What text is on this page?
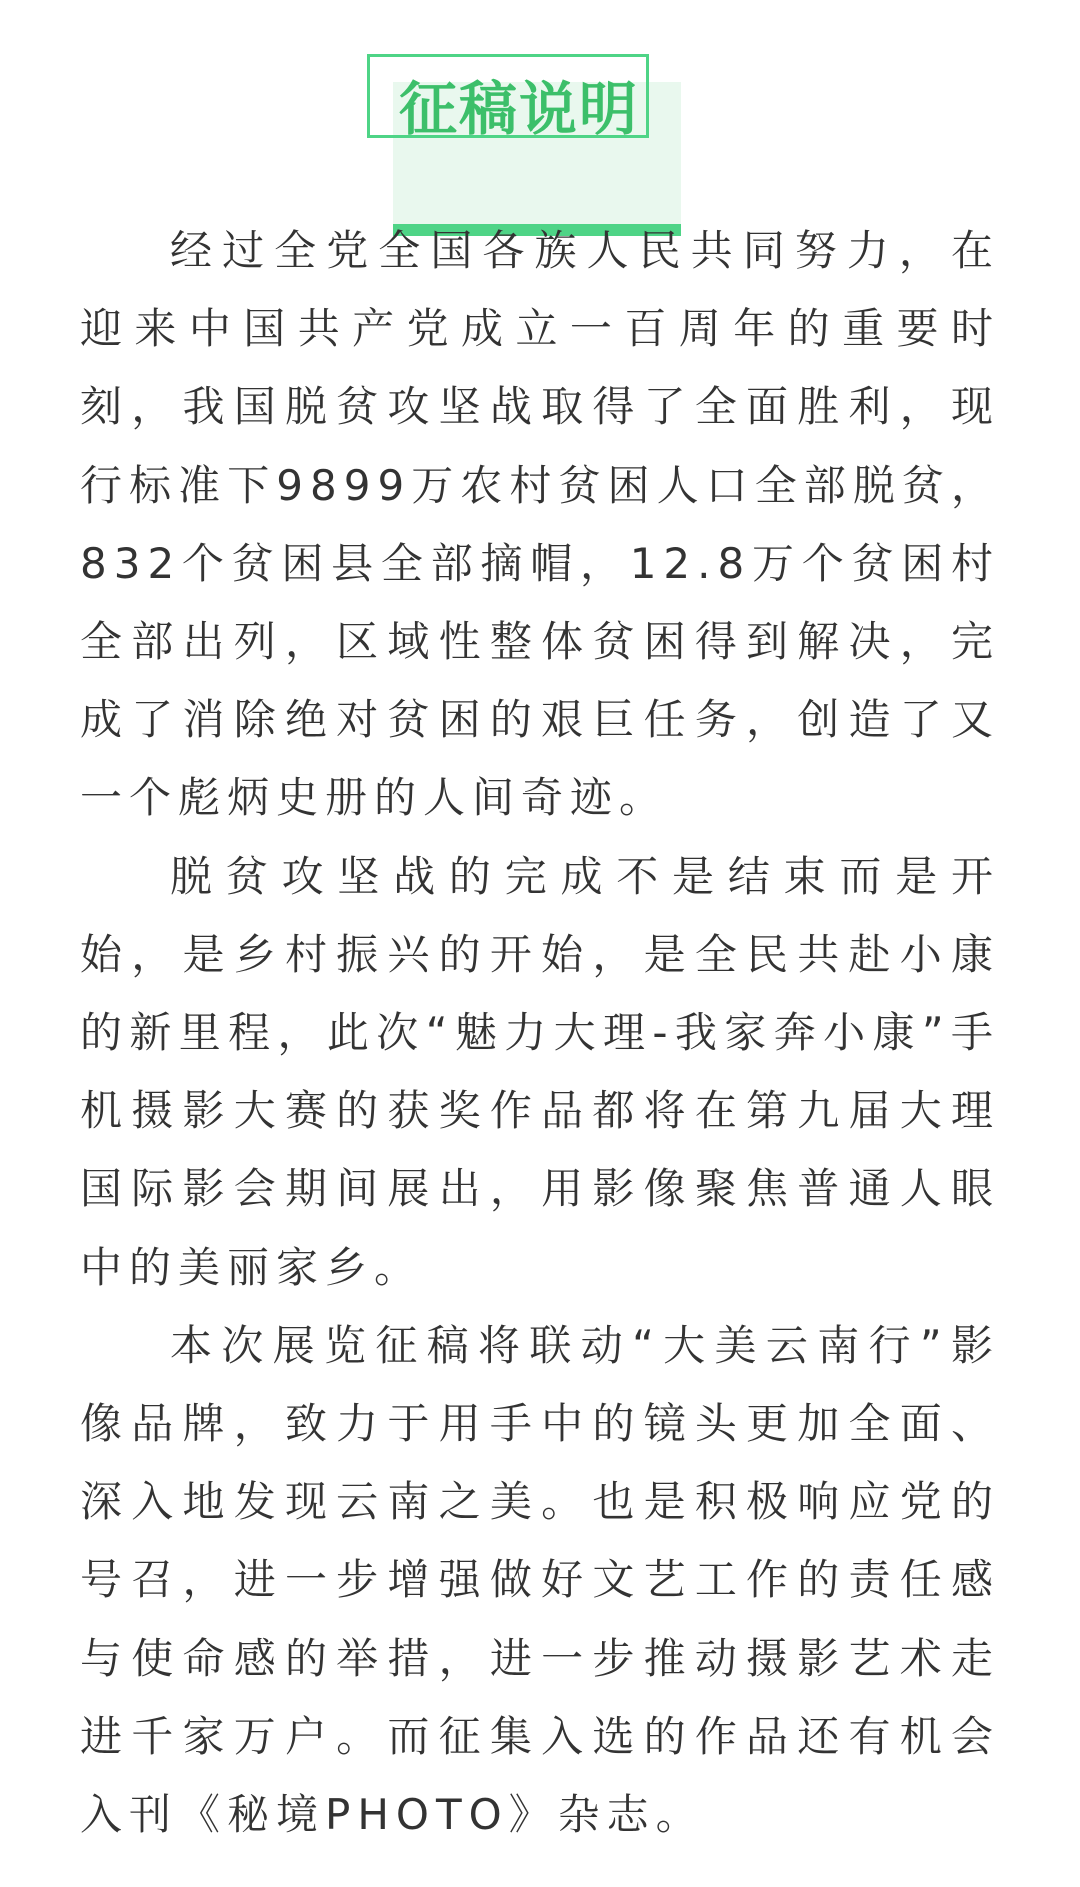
征稿说明

经过全党全国各族人民共同努力，在迎来中国共产党成立一百周年的重要时刻，我国脱贫攻坚战取得了全面胜利，现行标准下9899万农村贫困人口全部脱贫，832个贫困县全部摘帽，12.8万个贫困村全部出列，区域性整体贫困得到解决，完成了消除绝对贫困的艰巨任务，创造了又一个彪炳史册的人间奇迹。

脱贫攻坚战的完成不是结束而是开始，是乡村振兴的开始，是全民共赴小康的新里程，此次“魅力大理-我家奔小康”手机摄影大赛的获奖作品都将在第九届大理国际影会期间展出，用影像聚焦普通人眼中的美丽家乡。

本次展览征稿将联动“大美云南行”影像品牌，致力于用手中的镜头更加全面、深入地发现云南之美。也是积极响应党的号召，进一步增强做好文艺工作的责任感与使命感的举措，进一步推动摄影艺术走进千家万户。而征集入选的作品还有机会入刊《秘境PHOTO》杂志。
